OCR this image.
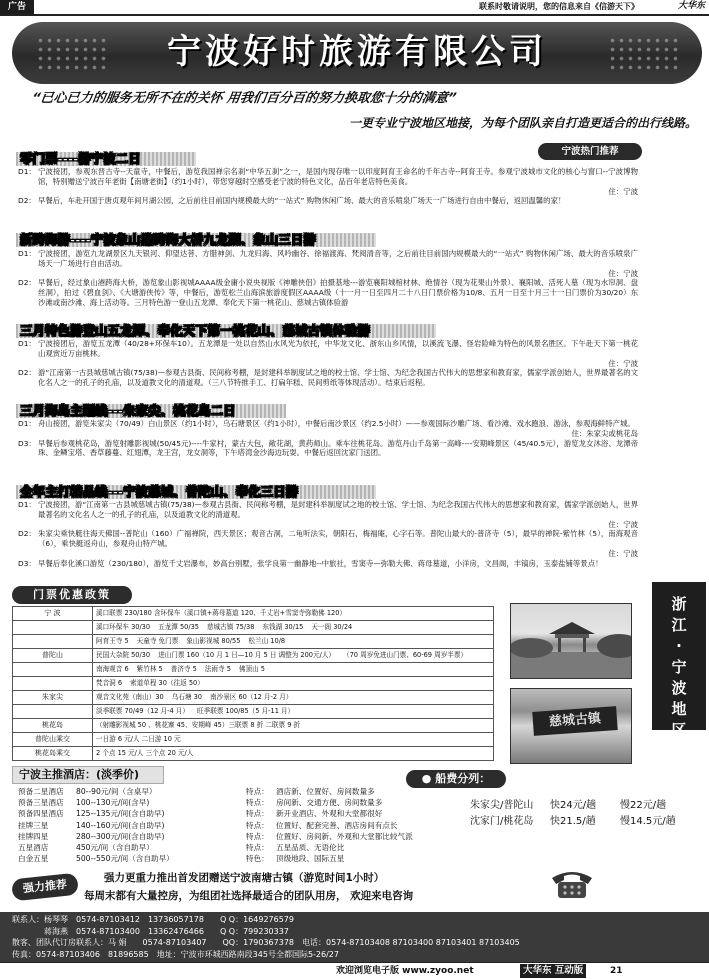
广告	联系时敬请说明，您的信息来自《信游天下》	大华东
宁波好时旅游有限公司
“已心已力的服务无所不在的关怀 用我们百分百的努力换取您十分的满意”
一更专业宁波地区地接，为每个团队亲自打造更适合的出行线路。
宁波热门推荐
零门票----游宁波二日
D1： 宁波接团，参观东晋古寺--天童寺，中餐后，游览我国禅宗名刹“中华五刹”之一，是国内现存唯一以印度阿育王命名的千年古寺--阿育王寺。参观宁波城市文化的核心与窗口--宁波博物馆，特别赠送宁波百年老街【南塘老街】（约1小时），带您穿越时空感受老宁波的特色文化，品百年老店特色美食。
住：宁波
D2： 早餐后，车赴开国于唐贞观年间月湖公园，之后前往目前国内规模最大的“一站式” 购物休闲广场、最大的音乐喷泉广场天一广场进行自由中餐后，返回温馨的家！
新跨海游----宁波象山港跨海大桥九龙湖、象山三日游
D1： 宁波接团，游览九龙湖景区九天银河、仰望达菩、方腊神剑、九龙归海、风吟幽谷、徐福渡海、梵阅清音等，之后前往目前国内规模最大的“一站式” 购物休闲广场、最大的音乐喷泉广场天一广场进行自由活动。
住：宁波
D2： 早餐后，经过象山港跨海大桥，游览象山影视城AAAA级金庸小说央视版《神雕侠侣》拍摄基地---游览襄阳城棺材林、绝情谷（现为花果山外景）、襄阳城、活死人墓（现为水帘洞、盘丝洞），拍过《碧血剑》、《大塘游侠传》等，中餐后，游览松兰山海滨旅游度假区AAAA级（十一月一日至四月二十八日门票价格为10/8、五月一日至十月三十一日门票价为30/20）东沙滩或南沙滩、海上活动等。三月特色游一登山五龙潭、奉化天下第一桃花山、慈城古镇体验游
三月特色游登山五龙潭、奉化天下第一桃花山、慈城古镇体验游
D1： 宁波接团后，游览五龙潭（40/28+环保车10）。五龙潭是一处以自然山水风光为依托，中华龙文化、浙东山乡风情，以溪流飞瀑、怪岩险峰为特色的风景名胜区。下午赴天下第一桃花山观赏近万亩桃林。
住：宁波
D2： 游“江南第一古县城慈城古镇(75/38)—参观古县衙、民间称考棚，是封建科举制度试之地的校士馆、学士馆、为纪念我国古代伟大的思想家和教育家，儒家学派创始人，世界最著名的文化名人之一的孔子的孔庙，以及道教文化的清道观。（三八节特推手工、打扁年糕、民间剪纸等体现活动）。结束后返程。
三月海岛主题线---朱家尖、桃花岛二日
D1： 舟山接团，游览朱家尖（70/49）白山景区（约1小时），乌石塘景区（约1小时），中餐后南沙景区（约2.5小时）——参观国际沙雕广场、看沙滩、戏水跑浪、游泳，参观海鲜特产城。
住：朱家尖或桃花岛
D3： 早餐后参观桃花岛，游览射雕影视城(50/45元)----牛家村，蒙古大包，敞花湖，黄药师山。乘车往桃花岛。游览丹山千岛第一高峰----安期峰景区（45/40.5元），游览龙女沐浴、龙潭帝珠、金鳞宝塔、香草藤蔓、红翅潭，龙王宫，龙女洞等，下午塔湾金沙海边玩耍。中餐后返回沈家门送团。
全年主打精品线---宁波慈城、普陀山、奉化三日游
D1： 宁波接团，游“江南第一古县城慈城古镇(75/38)—参观古县衙、民间称考棚，是封建科举制度试之地的校士馆、学士馆、为纪念我国古代伟大的思想家和教育家，儒家学派创始人，世界最著名的文化名人之一的孔子的孔庙，以及道教文化的清道观。
住：宁波
D2： 朱家尖乘快艇往海天佛国--普陀山（160）广福禅院，西天景区；观音古洞，二龟听法实，朝阳石，梅福庵，心字石等。普陀山最大的-普济寺（5），最早的禅院-紫竹林（5），南海观音（6），乘快艇返舟山，参观舟山特产城。
住：宁波
D3： 早餐后奉化溪口游览（230/180），游览千丈岩瀑布，妙高台别墅，张学良第一幽静地--中旅社，雪窦寺—弥勒大佛、蒋母墓道，小洋房，文昌阁，丰镐房，玉泰盐铺等景点！
门票优惠政策
宁 波	溪口联票 230/180 含环保车（溪口镇+蒋母墓道 120、千丈岩+雪窦寺弥勒佛 120）
	溪口环保车 30/30 五龙潭 50/35 慈城古镇 75/38 东钱湖 30/15 天一阁 30/24
	阿育王寺 5 天童寺 免门票 象山影视城 80/55 松兰山 10/8
普陀山	民国大杂院 50/30 进山门票 160（10 月 1 日—10 月 5 日 调整为 200元/人） （70 周岁免进山门票、60-69 周岁半票）
	南海观音 6 紫竹林 5 普济寺 5 法雨寺 5 佛顶山 5
	梵音洞 6 索道单程 30（往返 50）
朱家尖	观音文化苑（南山）30 乌石塘 30 南沙景区 60（12 月-2 月）
	淡季联票 70/49（12 月-4 月） 旺季联票 100/85（5 月-11 月）
桃花岛	（射雕影视城 50 、桃花寨 45、安期峰 45）三联票 8 折 二联票 9 折
普陀山乘交	一日游 6 元/人 二日游 10 元
桃花岛乘交	2 个点 15 元/人 三个点 20 元/人
慈城古镇
浙
江
·
宁
波
地
区
宁波主推酒店：(淡季价)
预备二星酒店	80--90元/间（含桌早）	特点： 酒店新、位置好、房间数量多
预备三星酒店	100--130元/间(含早)	特点： 房间新、交通方便、房间数量多
预备四星酒店	125--135元/间(含自助早)	特点： 新开业酒店、外观和大堂都很好
挂牌三星	140--160元/间(含自助早)	特点： 位置好、配套完善、酒店房间有点长
挂牌四星	280--300元/间(含自助早)	特点： 位置好、房间新、外观和大堂都比较气派
五星酒店	450元/间（含自助早）	特点： 五星品质、无语伦比
白金五星	500--550元/间（含自助早）	特色： 顶级地段、国际五星
● 船费分列：
朱家尖/普陀山	快24元/趟	慢22元/趟
沈家门/桃花岛	快21.5/趟	慢14.5元/趟
强力推荐	强力更重力推出首发团赠送宁波南塘古镇（游览时间1小时）
每周末都有大量控房，为组团社选择最适合的团队用房， 欢迎来电咨询
联系人：杨琴琴　0574-87103412　13736057178　　Q Q：1649276579
　　　　蒋海燕　0574-87103400　13362476466　　Q Q：799230337
散客、团队代订房联系人：马 娟　　0574-87103407　　QQ：1790367378　电话：0574-87103408 87103400 87103401 87103405
传真：0574-87103406　81896585　地址：宁波市环城西路南段345号全都国际5-26/27
欢迎浏览电子版 www.zyoo.net	大华东 互动版	21
